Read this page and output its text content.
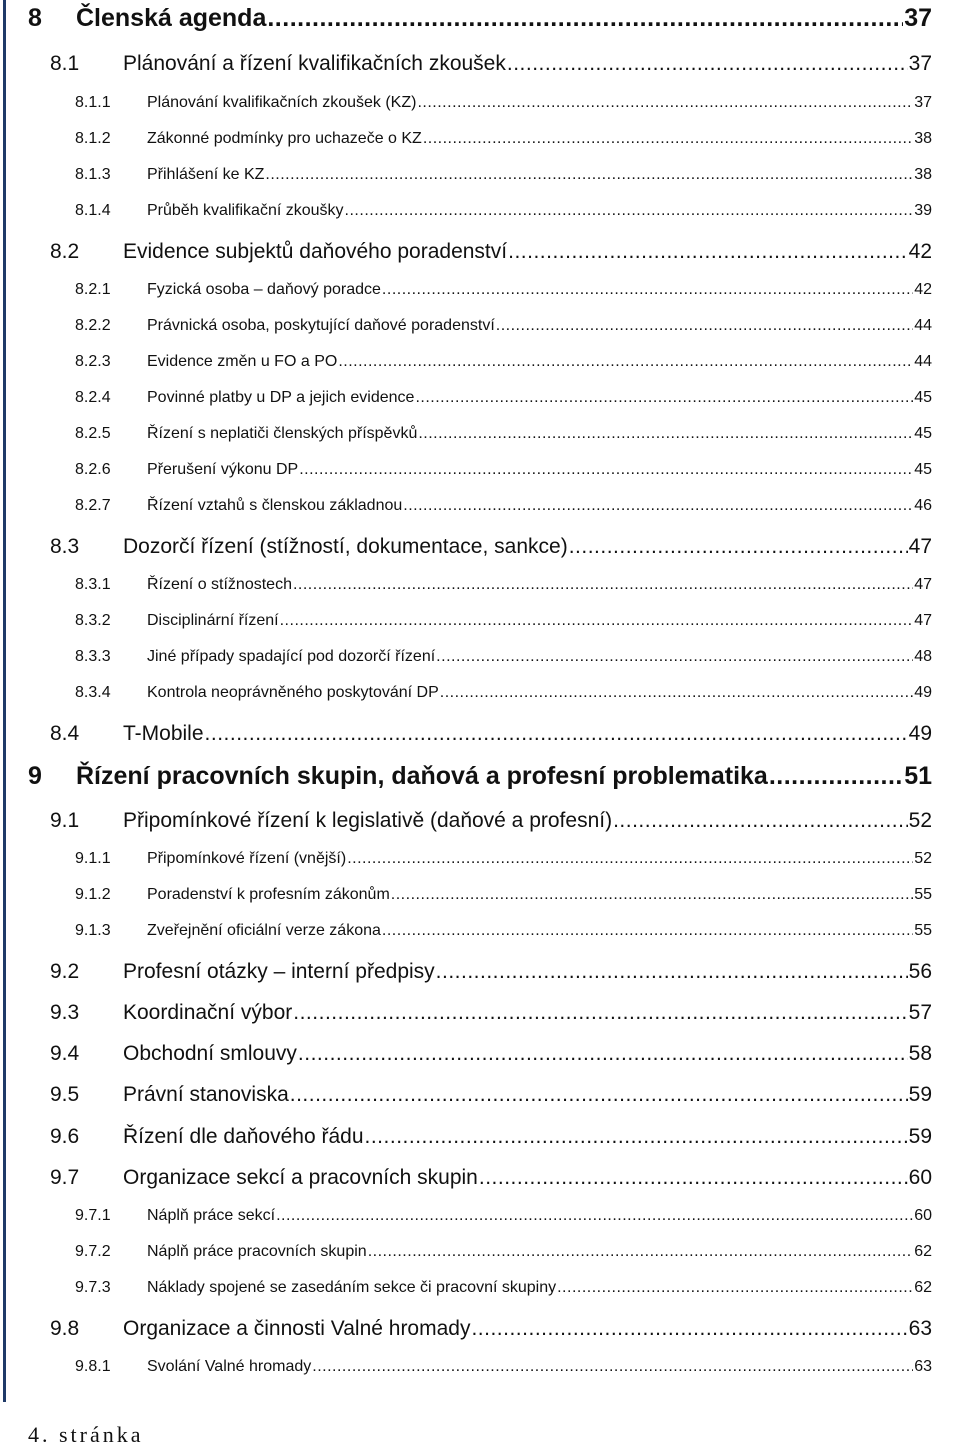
8	Členská agenda .....	37
8.1	Plánování a řízení kvalifikačních zkoušek .....	37
8.1.1	Plánování kvalifikačních zkoušek (KZ) .....	37
8.1.2	Zákonné podmínky pro uchazeče o KZ .....	38
8.1.3	Přihlášení ke KZ .....	38
8.1.4	Průběh kvalifikační zkoušky .....	39
8.2	Evidence subjektů daňového poradenství .....	42
8.2.1	Fyzická osoba – daňový poradce .....	42
8.2.2	Právnická osoba, poskytující daňové poradenství .....	44
8.2.3	Evidence změn u FO a PO .....	44
8.2.4	Povinné platby u DP a jejich evidence .....	45
8.2.5	Řízení s neplatiči členských příspěvků .....	45
8.2.6	Přerušení výkonu DP .....	45
8.2.7	Řízení vztahů s členskou základnou .....	46
8.3	Dozorčí řízení (stížností, dokumentace, sankce) .....	47
8.3.1	Řízení o stížnostech .....	47
8.3.2	Disciplinární řízení .....	47
8.3.3	Jiné případy spadající pod dozorčí řízení .....	48
8.3.4	Kontrola neoprávněného poskytování DP .....	49
8.4	T-Mobile .....	49
9	Řízení pracovních skupin, daňová a profesní problematika .....	51
9.1	Připomínkové řízení k legislativě (daňové a profesní) .....	52
9.1.1	Připomínkové řízení (vnější) .....	52
9.1.2	Poradenství k profesním zákonům .....	55
9.1.3	Zveřejnění oficiální verze zákona .....	55
9.2	Profesní otázky – interní předpisy .....	56
9.3	Koordinační výbor .....	57
9.4	Obchodní smlouvy .....	58
9.5	Právní stanoviska .....	59
9.6	Řízení dle daňového řádu .....	59
9.7	Organizace sekcí a pracovních skupin .....	60
9.7.1	Náplň práce sekcí .....	60
9.7.2	Náplň práce pracovních skupin .....	62
9.7.3	Náklady spojené se zasedáním sekce či pracovní skupiny .....	62
9.8	Organizace a činnosti Valné hromady .....	63
9.8.1	Svolání Valné hromady .....	63
4. stránka
